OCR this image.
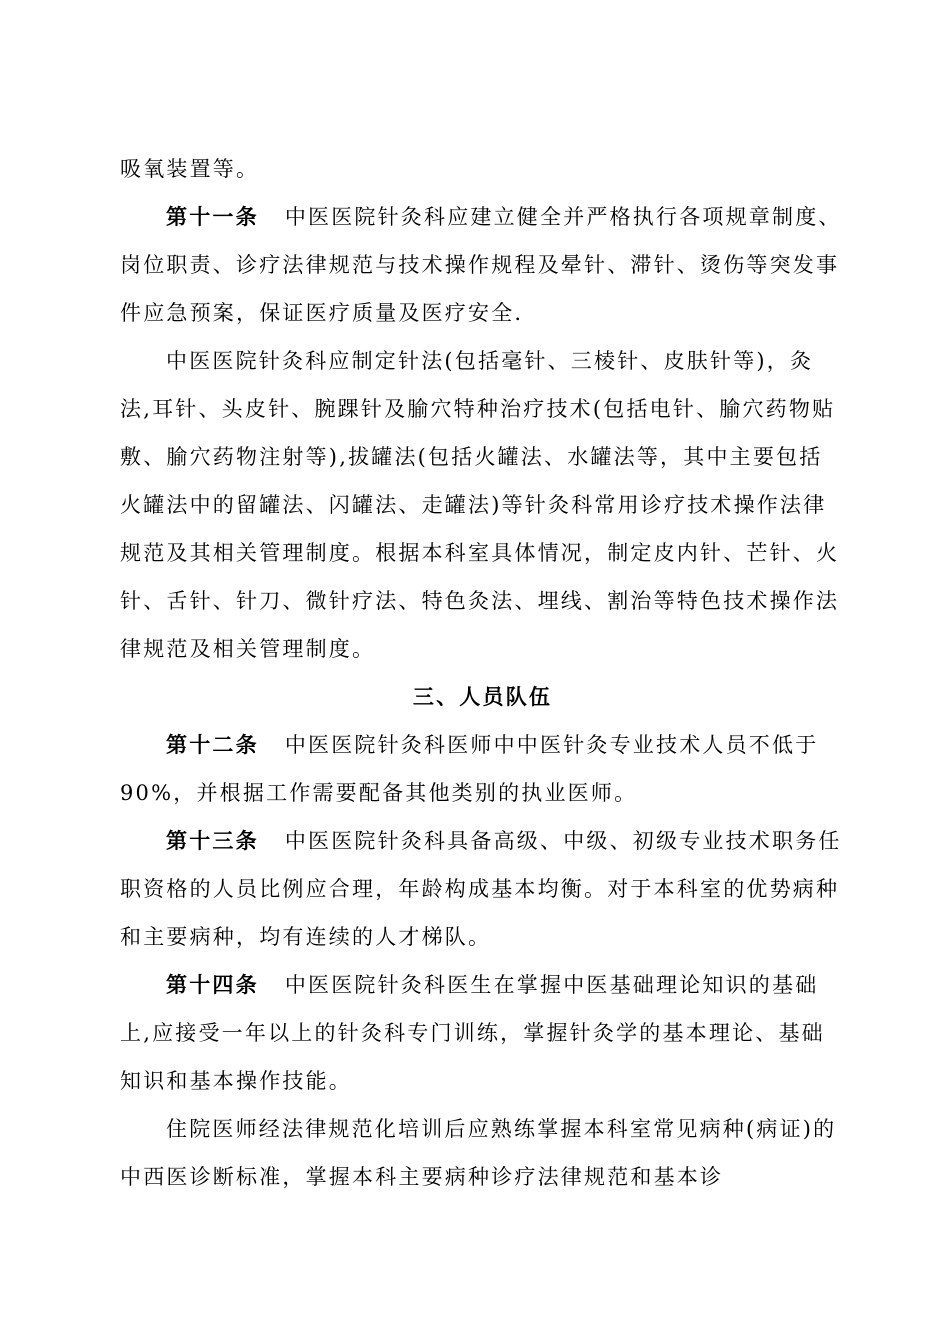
吸氧装置等。

第十一条 中医医院针灸科应建立健全并严格执行各项规章制度、岗位职责、诊疗法律规范与技术操作规程及晕针、滞针、烫伤等突发事件应急预案，保证医疗质量及医疗安全.

中医医院针灸科应制定针法(包括毫针、三棱针、皮肤针等)，灸法,耳针、头皮针、腕踝针及腧穴特种治疗技术(包括电针、腧穴药物贴敷、腧穴药物注射等),拔罐法(包括火罐法、水罐法等，其中主要包括火罐法中的留罐法、闪罐法、走罐法)等针灸科常用诊疗技术操作法律规范及其相关管理制度。根据本科室具体情况，制定皮内针、芒针、火针、舌针、针刀、微针疗法、特色灸法、埋线、割治等特色技术操作法律规范及相关管理制度。

三、人员队伍

第十二条 中医医院针灸科医师中中医针灸专业技术人员不低于90%，并根据工作需要配备其他类别的执业医师。

第十三条 中医医院针灸科具备高级、中级、初级专业技术职务任职资格的人员比例应合理，年龄构成基本均衡。对于本科室的优势病种和主要病种，均有连续的人才梯队。

第十四条 中医医院针灸科医生在掌握中医基础理论知识的基础上,应接受一年以上的针灸科专门训练，掌握针灸学的基本理论、基础知识和基本操作技能。

住院医师经法律规范化培训后应熟练掌握本科室常见病种(病证)的中西医诊断标准，掌握本科主要病种诊疗法律规范和基本诊
